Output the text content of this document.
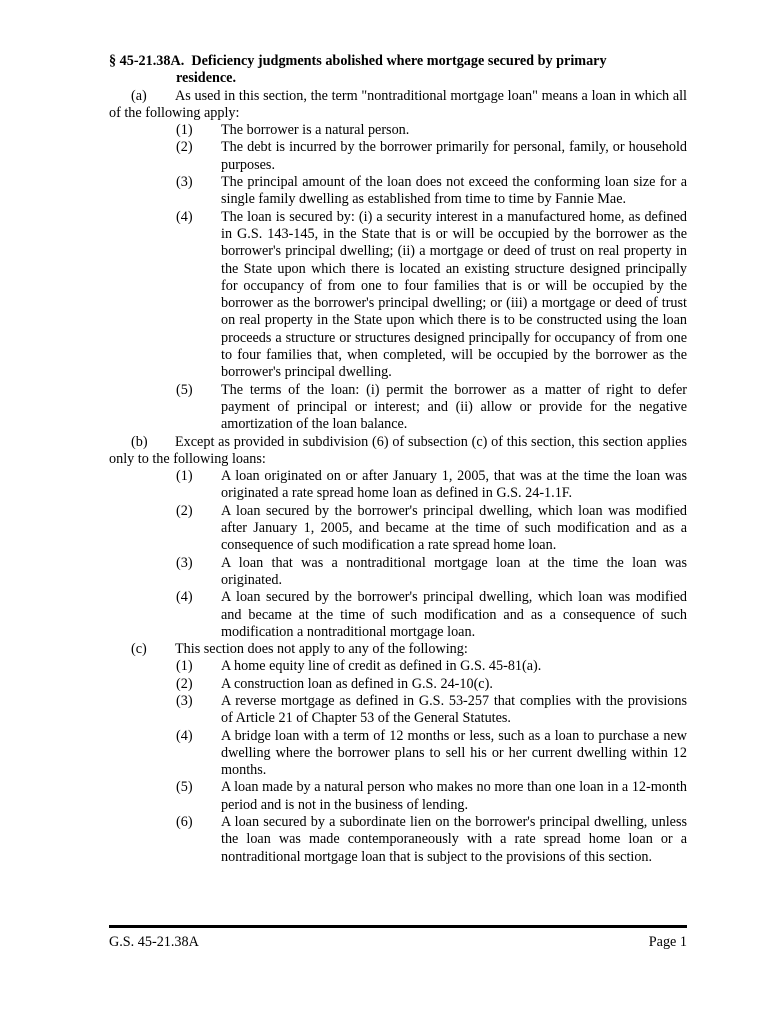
§ 45-21.38A.  Deficiency judgments abolished where mortgage secured by primary
residence.
(a) As used in this section, the term "nontraditional mortgage loan" means a loan in which all of the following apply:
(1) The borrower is a natural person.
(2) The debt is incurred by the borrower primarily for personal, family, or household purposes.
(3) The principal amount of the loan does not exceed the conforming loan size for a single family dwelling as established from time to time by Fannie Mae.
(4) The loan is secured by: (i) a security interest in a manufactured home, as defined in G.S. 143-145, in the State that is or will be occupied by the borrower as the borrower's principal dwelling; (ii) a mortgage or deed of trust on real property in the State upon which there is located an existing structure designed principally for occupancy of from one to four families that is or will be occupied by the borrower as the borrower's principal dwelling; or (iii) a mortgage or deed of trust on real property in the State upon which there is to be constructed using the loan proceeds a structure or structures designed principally for occupancy of from one to four families that, when completed, will be occupied by the borrower as the borrower's principal dwelling.
(5) The terms of the loan: (i) permit the borrower as a matter of right to defer payment of principal or interest; and (ii) allow or provide for the negative amortization of the loan balance.
(b) Except as provided in subdivision (6) of subsection (c) of this section, this section applies only to the following loans:
(1) A loan originated on or after January 1, 2005, that was at the time the loan was originated a rate spread home loan as defined in G.S. 24-1.1F.
(2) A loan secured by the borrower's principal dwelling, which loan was modified after January 1, 2005, and became at the time of such modification and as a consequence of such modification a rate spread home loan.
(3) A loan that was a nontraditional mortgage loan at the time the loan was originated.
(4) A loan secured by the borrower's principal dwelling, which loan was modified and became at the time of such modification and as a consequence of such modification a nontraditional mortgage loan.
(c) This section does not apply to any of the following:
(1) A home equity line of credit as defined in G.S. 45-81(a).
(2) A construction loan as defined in G.S. 24-10(c).
(3) A reverse mortgage as defined in G.S. 53-257 that complies with the provisions of Article 21 of Chapter 53 of the General Statutes.
(4) A bridge loan with a term of 12 months or less, such as a loan to purchase a new dwelling where the borrower plans to sell his or her current dwelling within 12 months.
(5) A loan made by a natural person who makes no more than one loan in a 12-month period and is not in the business of lending.
(6) A loan secured by a subordinate lien on the borrower's principal dwelling, unless the loan was made contemporaneously with a rate spread home loan or a nontraditional mortgage loan that is subject to the provisions of this section.
G.S. 45-21.38A	Page 1
